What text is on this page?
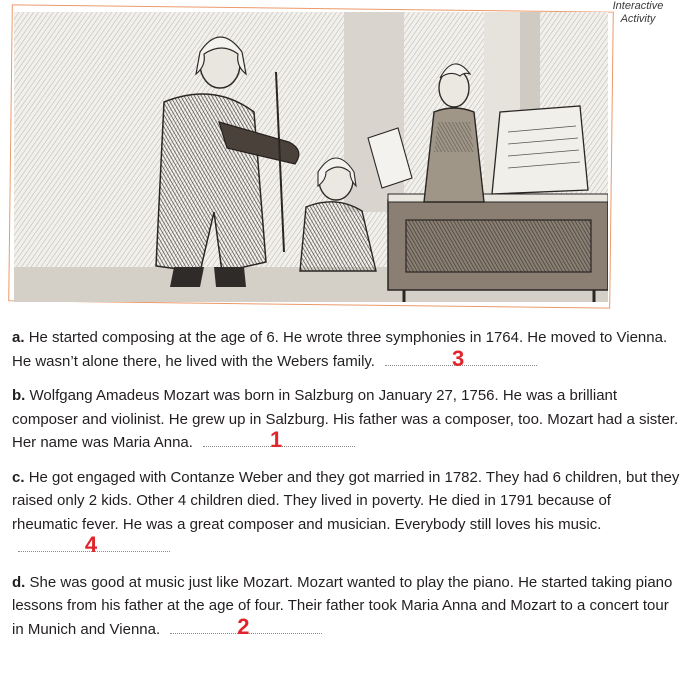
Interactive
Activity

a. He started composing at the age of 6. He wrote three symphonies in 1764. He moved to Vienna. He wasn’t alone there, he lived with the Webers family.	3

b. Wolfgang Amadeus Mozart was born in Salzburg on January 27, 1756. He was a brilliant composer and violinist. He grew up in Salzburg. His father was a composer, too. Mozart had a sister. Her name was Maria Anna.	1

c. He got engaged with Contanze Weber and they got married in 1782. They had 6 children, but they raised only 2 kids. Other 4 children died. They lived in poverty. He died in 1791 because of rheumatic fever. He was a great composer and musician. Everybody still loves his music.
4

d. She was good at music just like Mozart. Mozart wanted to play the piano. He started taking piano lessons from his father at the age of four. Their father took Maria Anna and Mozart to a concert tour in Munich and Vienna.	2
